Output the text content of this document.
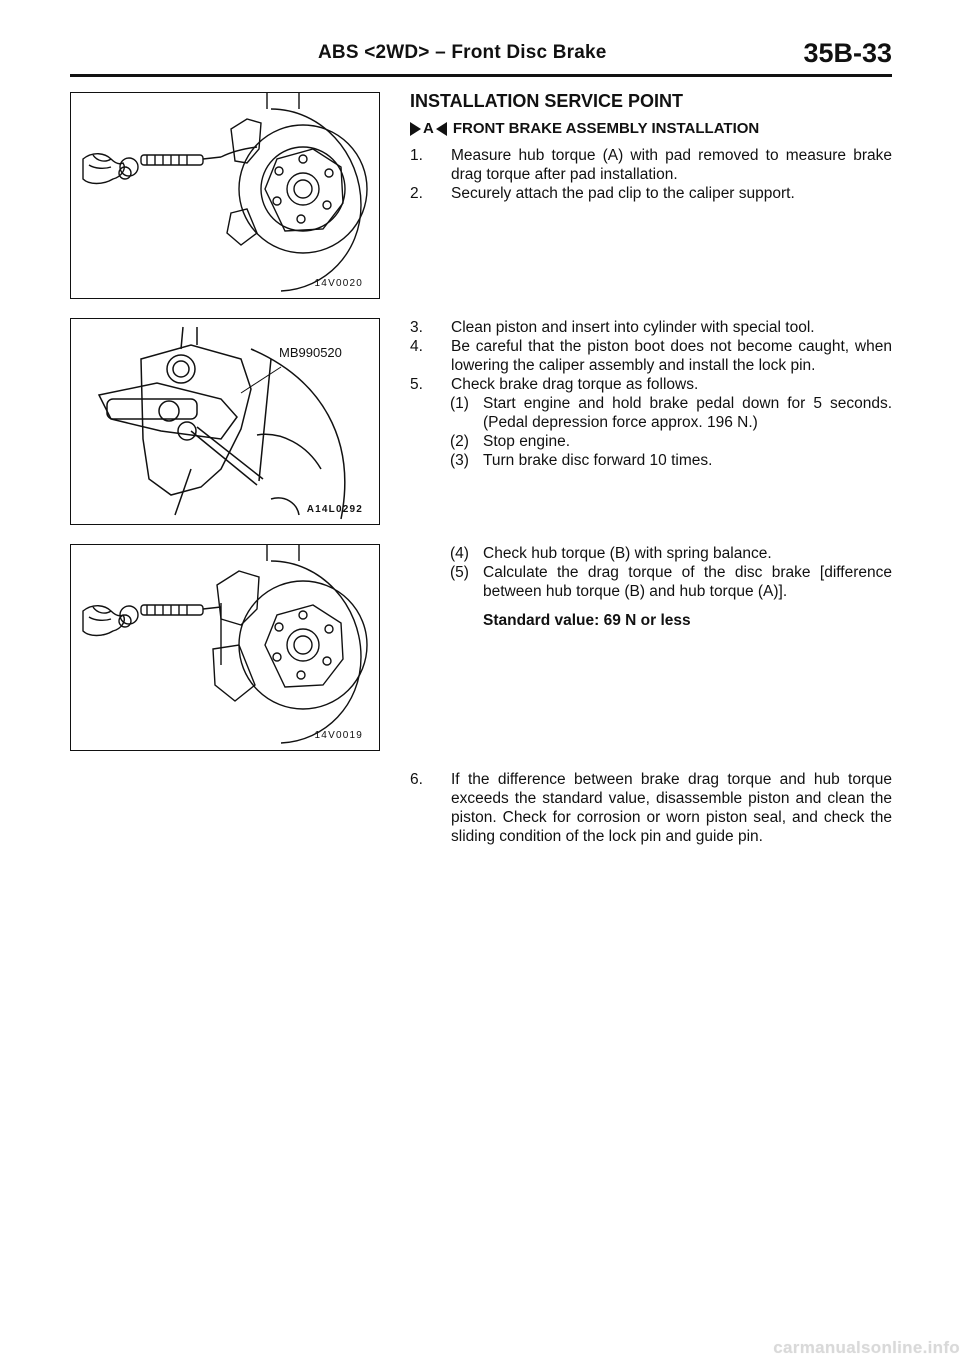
ABS <2WD> – Front Disc Brake	35B-33
14V0020
MB990520
A14L0292
14V0019
INSTALLATION SERVICE POINT
A FRONT BRAKE ASSEMBLY INSTALLATION
1. Measure hub torque (A) with pad removed to measure brake drag torque after pad installation.
2. Securely attach the pad clip to the caliper support.
3. Clean piston and insert into cylinder with special tool.
4. Be careful that the piston boot does not become caught, when lowering the caliper assembly and install the lock pin.
5. Check brake drag torque as follows.
(1) Start engine and hold brake pedal down for 5 seconds. (Pedal depression force approx. 196 N.)
(2) Stop engine.
(3) Turn brake disc forward 10 times.
(4) Check hub torque (B) with spring balance.
(5) Calculate the drag torque of the disc brake [difference between hub torque (B) and hub torque (A)].
Standard value: 69 N or less
6. If the difference between brake drag torque and hub torque exceeds the standard value, disassemble piston and clean the piston. Check for corrosion or worn piston seal, and check the sliding condition of the lock pin and guide pin.
carmanualsonline.info
